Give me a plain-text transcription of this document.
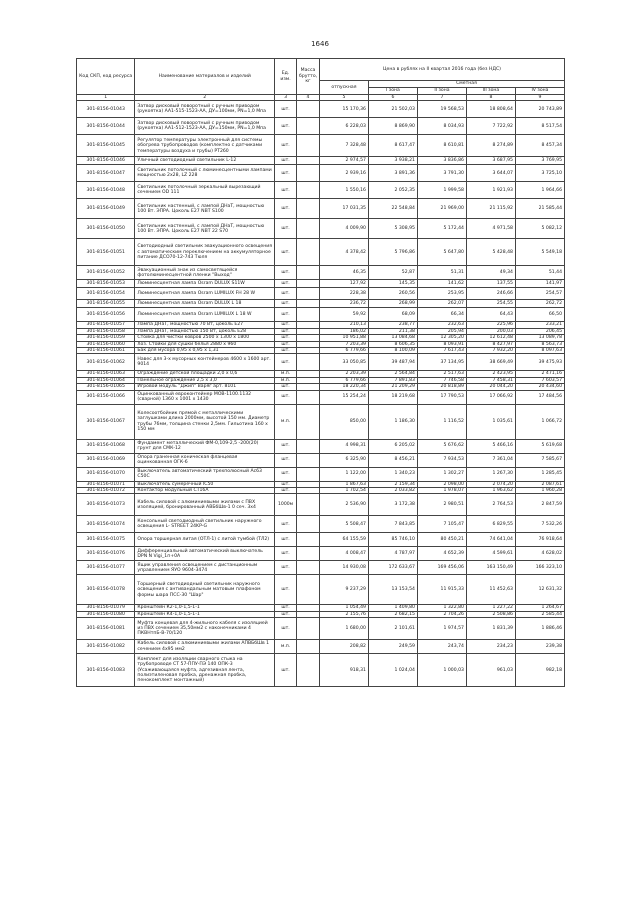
1646
Код СКП, код ресурса	Наименование материалов и изделий	Ед. изм.	Масса брутто, кг	Цена в рублях на II квартал 2016 года (без НДС)				
				отпускная	Сметная			
					I зона	II зона	III зона	IV зона
1	2	3	4	5	6	7	8	9
301-8156-01043	Затвор дисковый поворотный с ручным приводом (рукоятка) АА1-515-1523-АА, ДУ=100мм, PN=1,0 Мпа	шт.		15 170,36	21 502,03	19 568,53	18 808,64	20 743,89
301-8156-01044	Затвор дисковый поворотный с ручным приводом (рукоятка) АА1-512-1523-АА, ДУ=150мм, PN=1,0 Мпа	шт.		6 228,03	8 869,90	8 034,93	7 722,92	8 517,54
301-8156-01045	Регулятор температуры электронный для системы обогрева трубопроводов (комплектно с датчиками температуры воздуха и грубы) РТ260	шт.		7 328,48	8 617,47	8 610,81	8 274,89	8 457,34
301-8156-01046	Уличный светодиодный светильник L-12	шт.		2 974,57	3 938,21	3 836,86	3 687,95	3 769,95
301-8156-01047	Светильник потолочный с люминесцентными лампами мощностью 2х28, LZ 228	шт.		2 939,16	3 891,36	3 791,30	3 644,07	3 725,10
301-8156-01048	Светильник потолочный зеркальный вырезающий сечением OD 111	шт.		1 550,16	2 052,35	1 999,58	1 921,93	1 964,66
301-8156-01049	Светильник настенный, с лампой ДНаТ, мощностью 100 Вт. ЭПРА. Цоколь E27 NBT S100	шт.		17 031,35	22 548,84	21 969,00	21 115,92	21 585,44
301-8156-01050	Светильник настенный, с лампой ДНаТ, мощностью 100 Вт. ЭПРА. Цоколь E27 NBT 22 S70	шт.		4 009,90	5 308,95	5 172,44	4 971,58	5 082,12
301-8156-01051	Светодиодный светильник эвакуационного освещения с автоматическим переключением на аккумуляторное питание ДСО70-12-743 Тюля	шт.		4 378,42	5 796,86	5 647,80	5 428,48	5 549,18
301-8156-01052	Эвакуационный знак из самосветящейся фотолюминесцентной пленки "Выход"	шт.		46,35	52,87	51,31	49,34	51,44
301-8156-01053	Люминесцентная лампа Osram DULUX S11W	шт.		127,92	145,35	141,62	137,55	141,97
301-8156-01054	Люминесцентная лампа Osram LUMILUX FH 28 W	шт.		228,38	260,56	253,95	246,66	254,57
301-8156-01055	Люминесцентная лампа Osram DULUX L 18	шт.		236,72	268,99	262,07	254,55	262,72
301-8156-01056	Люминесцентная лампа Osram LUMILUX L 18 W	шт.		59,92	68,09	66,34	64,43	66,50
301-8156-01057	Лампа ДНаТ, мощностью 70 Вт, цоколь E27	шт.		210,13	238,77	232,63	225,96	233,21
301-8156-01058	Лампа ДНаТ, мощностью 150 Вт, цоколь E28	шт.		186,02	211,38	205,94	200,03	206,45
301-8156-01059	Стойка для чистки ковров 2500 х 1300 х 1800	шт.		10 951,88	13 084,68	12 305,20	12 612,48	13 089,78
301-8156-01060	Хоз. Стойки для сушки белья 2880 х 960	шт.		7 203,39	8 606,35	8 093,91	8 427,97	8 563,73
301-8156-01061	Бак для мусора 0,95 х 0,95 х 1,31	шт.		6 779,66	8 100,09	7 617,43	7 932,20	8 097,63
301-8156-01062	Навес для 3-х мусорных контейнеров 4600 х 1600 арт. 9014	шт.		33 050,85	39 487,94	37 134,95	38 669,49	39 475,93
301-8156-01063	Ограждение детской площадки 2,0 х 0,6	м.п.		2 203,39	2 564,84	2 517,63	2 423,95	2 471,16
301-8156-01064	Панельное ограждение 2,5 х 3,0	м.п.		6 779,66	7 891,83	7 746,58	7 458,31	7 603,57
301-8156-01065	Игровой модуль "Джип" Варяг арт. 8101	шт.		18 220,34	21 209,29	20 818,89	20 044,20	20 434,60
301-8156-01066	Оцинкованный евроконтейнер МОВ-1100.1132 (сварной) 1360 х 1001 х 1430	шт.		15 254,24	18 219,68	17 790,53	17 066,92	17 484,56
301-8156-01067	Колесоотбойник прямой с металлическими заглушками длина 2000мм, высотой 150 мм. Диаметр трубы 76мм, толщина стенки 2,5мм. Гильотина 160 х 150 мм	м.п.		850,00	1 186,30	1 116,52	1 035,61	1 066,72
301-8156-01068	Фундамент металлический ФМ-0,109-2,5 -200(20) грунт для СМК-12	шт.		4 998,31	6 205,02	5 676,62	5 466,16	5 619,68
301-8156-01069	Опора граненная коническая фланцевая оцинкованная ОГК-6	шт.		6 325,90	8 456,21	7 934,53	7 361,04	7 585,67
301-8156-01070	Выключатель автоматический трехполюсный Ас63 С50С	шт.		1 122,00	1 340,23	1 302,27	1 267,30	1 285,45
301-8156-01071	Выключатель сумеречный IC50	шт.		1 867,63	2 159,34	2 098,00	2 074,20	2 087,61
301-8156-01072	Контактор модульный СТ16А	шт.		1 702,54	2 033,82	1 978,07	1 963,62	1 960,28
301-8156-01073	Кабель силовой с алюминиевыми жилами с ПВХ изоляцией, бронированный АВБбШв-1 0 сеч. 3х4	1000м		2 536,90	3 172,38	2 980,51	2 764,53	2 847,59
301-8156-01074	Консольный светодиодный светильник наружного освещения L- STREET 24KP-G	шт.		5 508,47	7 843,85	7 105,47	6 829,55	7 532,26
301-8156-01075	Опора торшерная литая (ОТЛ-1) с литой тумбой (ТЛ2)	шт.		64 155,59	85 746,10	80 450,21	74 641,04	76 918,64
301-8156-01076	Дифференциальный автоматический выключатель DPN N Vigi_1п+0А	шт.		4 008,47	4 787,97	4 652,39	4 599,61	4 628,02
301-8156-01077	Ящик управления освещением с дистанционным управлением ЯУО 9604-3474	шт.		14 930,08	172 633,67	169 456,06	163 150,49	166 323,10
301-8156-01078	Торшерный светодиодный светильник наружного освещения с антивандальным матовым плафоном формы шара ПСС-30 "Шар"	шт.		9 237,29	13 153,54	11 915,33	11 452,63	12 631,32
301-8156-01079	Кронштейн К2-1,0-1,5-1-1	шт.		1 054,49	1 409,80	1 322,80	1 227,22	1 264,67
301-8156-01080	Кронштейн К4-1,0-1,5-1-1	шт.		2 155,76	2 682,15	2 704,26	2 508,86	2 585,44
301-8156-01081	Муфта концевая для 4-жильного кабеля с изоляцией из ПВХ сечением 35,50мм2 с наконечниками 4 ПКВНтпБ-В-70/120	шт.		1 680,00	2 101,61	1 974,57	1 831,39	1 886,46
301-8156-01082	Кабель силовой с алюминиевыми жилами АПВБбШв 1 сечением 4х95 мм2	м.п.		208,82	249,59	243,74	234,23	239,38
301-8156-01083	Комплект для изоляции сварного стыка на трубопроводе СТ 57-ППУ-ПЭ 140 ОПК-3 (Усаживающаяся муфта, адгезивная лента, полиэтиленовая пробка, дренажная пробка, пенокомплект монтажный)	шт.		918,31	1 024,04	1 000,03	961,03	982,18
